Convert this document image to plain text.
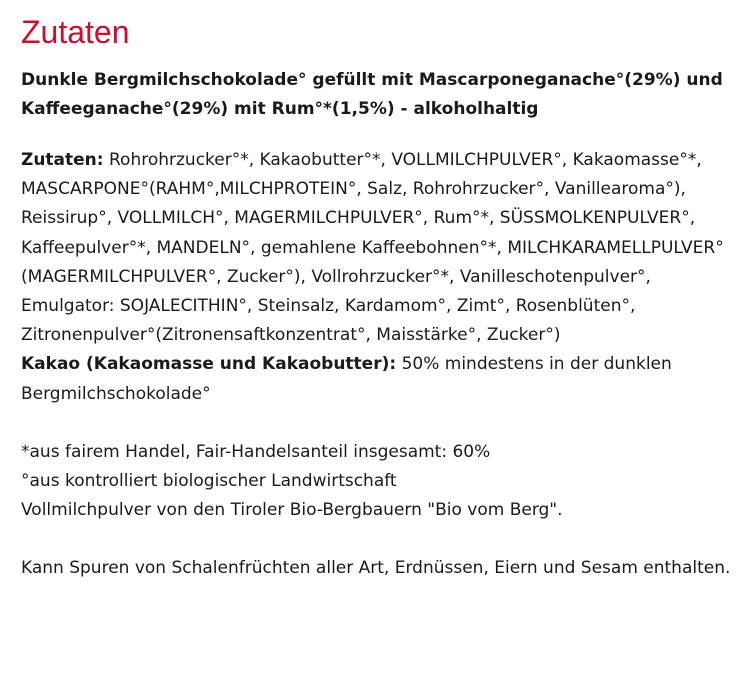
Zutaten
Dunkle Bergmilchschokolade° gefüllt mit Mascarponeganache°(29%) und Kaffeeganache°(29%) mit Rum°*(1,5%) - alkoholhaltig

Zutaten: Rohrohrzucker°*, Kakaobutter°*, VOLLMILCHPULVER°, Kakaomasse°*, MASCARPONE°(RAHM°,MILCHPROTEIN°, Salz, Rohrohrzucker°, Vanillearoma°), Reissirup°, VOLLMILCH°, MAGERMILCHPULVER°, Rum°*, SÜSSMOLKENPULVER°, Kaffeepulver°*, MANDELN°, gemahlene Kaffeebohnen°*, MILCHKARAMELLPULVER°(MAGERMILCHPULVER°, Zucker°), Vollrohrzucker°*, Vanilleschotenpulver°, Emulgator: SOJALECITHIN°, Steinsalz, Kardamom°, Zimt°, Rosenblüten°, Zitronenpulver°(Zitronensaftkonzentrat°, Maisstärke°, Zucker°)

Kakao (Kakaomasse und Kakaobutter): 50% mindestens in der dunklen Bergmilchschokolade°

*aus fairem Handel, Fair-Handelsanteil insgesamt: 60%

°aus kontrolliert biologischer Landwirtschaft

Vollmilchpulver von den Tiroler Bio-Bergbauern "Bio vom Berg".

Kann Spuren von Schalenfrüchten aller Art, Erdnüssen, Eiern und Sesam enthalten.
